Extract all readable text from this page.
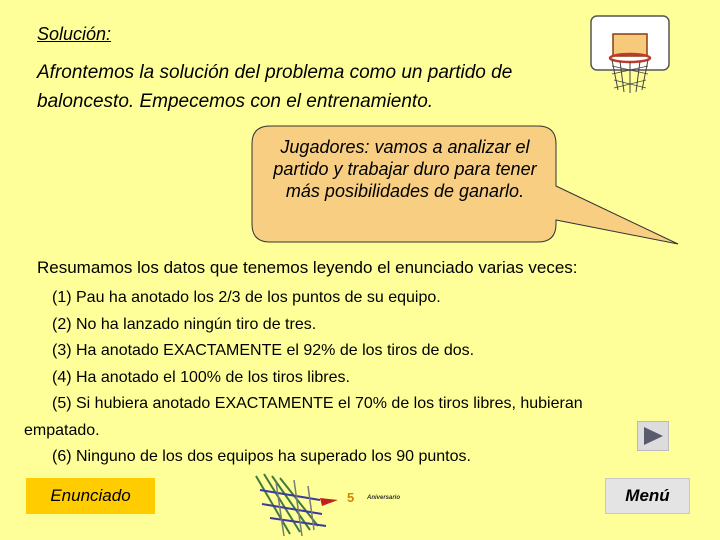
Solución:
Afrontemos la solución del problema como un partido de baloncesto. Empecemos con el entrenamiento.
Jugadores: vamos a analizar el partido y trabajar duro para tener más posibilidades de ganarlo.
Resumamos los datos que tenemos leyendo el enunciado varias veces:
(1) Pau ha anotado los 2/3 de los puntos de su equipo.
(2) No ha lanzado ningún tiro de tres.
(3) Ha anotado EXACTAMENTE el 92% de los tiros de dos.
(4) Ha anotado el 100% de los tiros libres.
(5) Si hubiera anotado EXACTAMENTE el 70% de los tiros libres, hubieran empatado.
(6) Ninguno de los dos equipos ha superado los 90 puntos.
Enunciado	5 Aniversario	Menú
